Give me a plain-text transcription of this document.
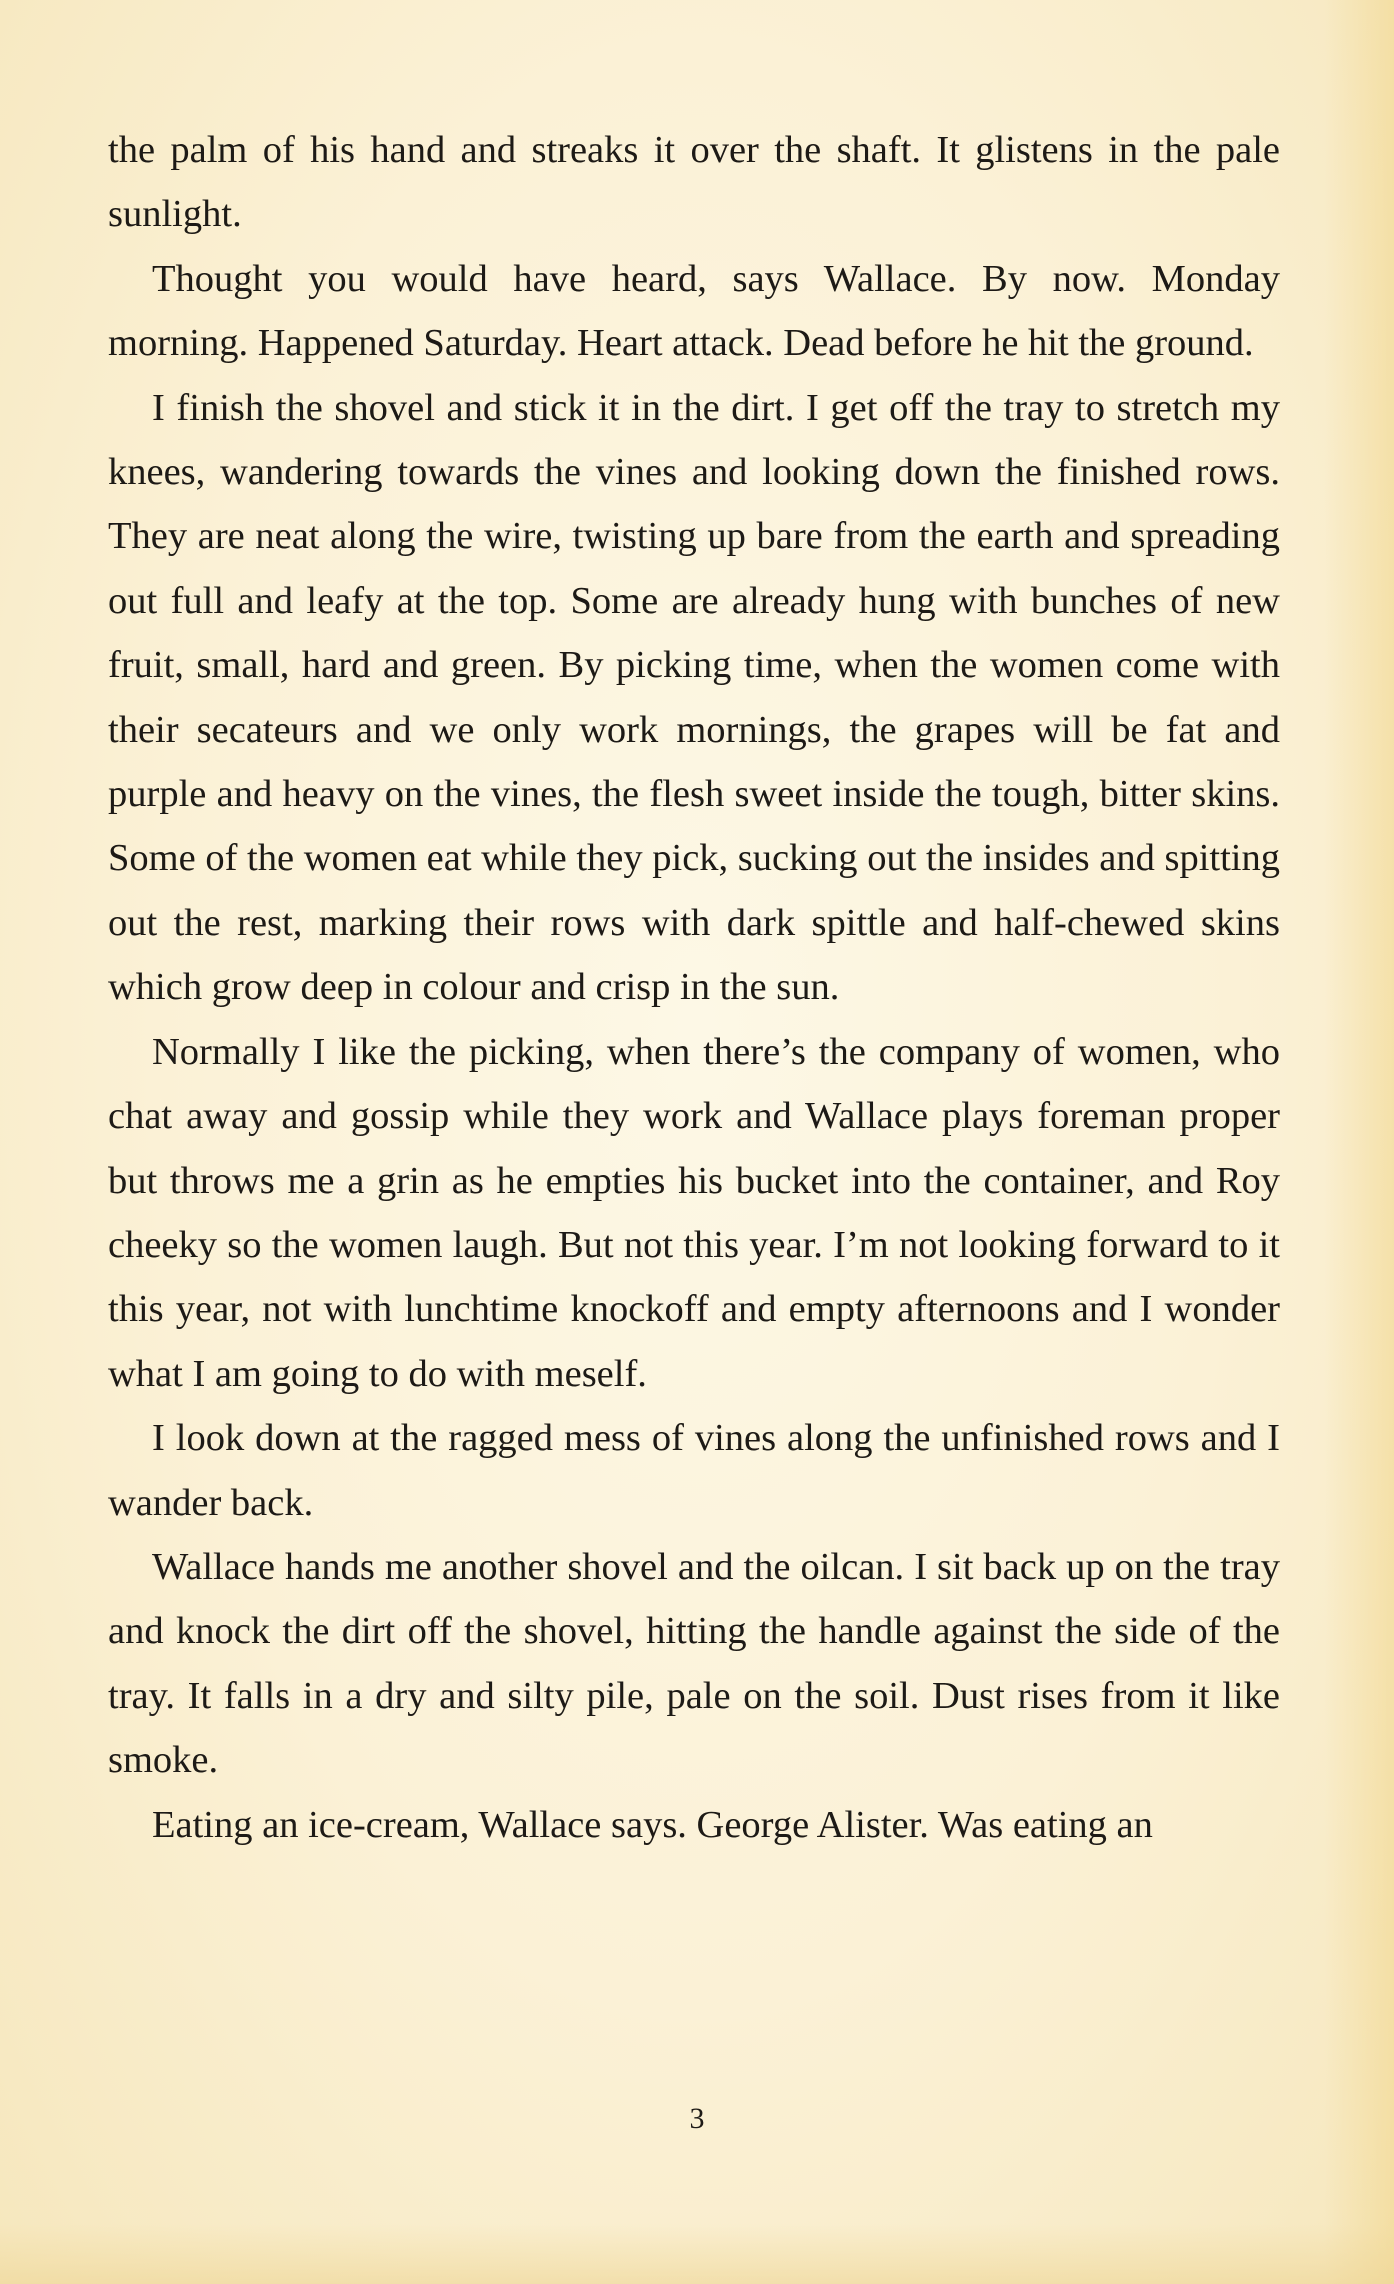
the palm of his hand and streaks it over the shaft. It glistens in the pale sunlight.

Thought you would have heard, says Wallace. By now. Monday morning. Happened Saturday. Heart attack. Dead before he hit the ground.

I finish the shovel and stick it in the dirt. I get off the tray to stretch my knees, wandering towards the vines and looking down the finished rows. They are neat along the wire, twisting up bare from the earth and spreading out full and leafy at the top. Some are already hung with bunches of new fruit, small, hard and green. By picking time, when the women come with their secateurs and we only work mornings, the grapes will be fat and purple and heavy on the vines, the flesh sweet inside the tough, bitter skins. Some of the women eat while they pick, sucking out the insides and spitting out the rest, marking their rows with dark spittle and half-chewed skins which grow deep in colour and crisp in the sun.

Normally I like the picking, when there’s the company of women, who chat away and gossip while they work and Wallace plays foreman proper but throws me a grin as he empties his bucket into the container, and Roy cheeky so the women laugh. But not this year. I’m not looking forward to it this year, not with lunchtime knockoff and empty afternoons and I wonder what I am going to do with meself.

I look down at the ragged mess of vines along the unfinished rows and I wander back.

Wallace hands me another shovel and the oilcan. I sit back up on the tray and knock the dirt off the shovel, hitting the handle against the side of the tray. It falls in a dry and silty pile, pale on the soil. Dust rises from it like smoke.

Eating an ice-cream, Wallace says. George Alister. Was eating an

3
